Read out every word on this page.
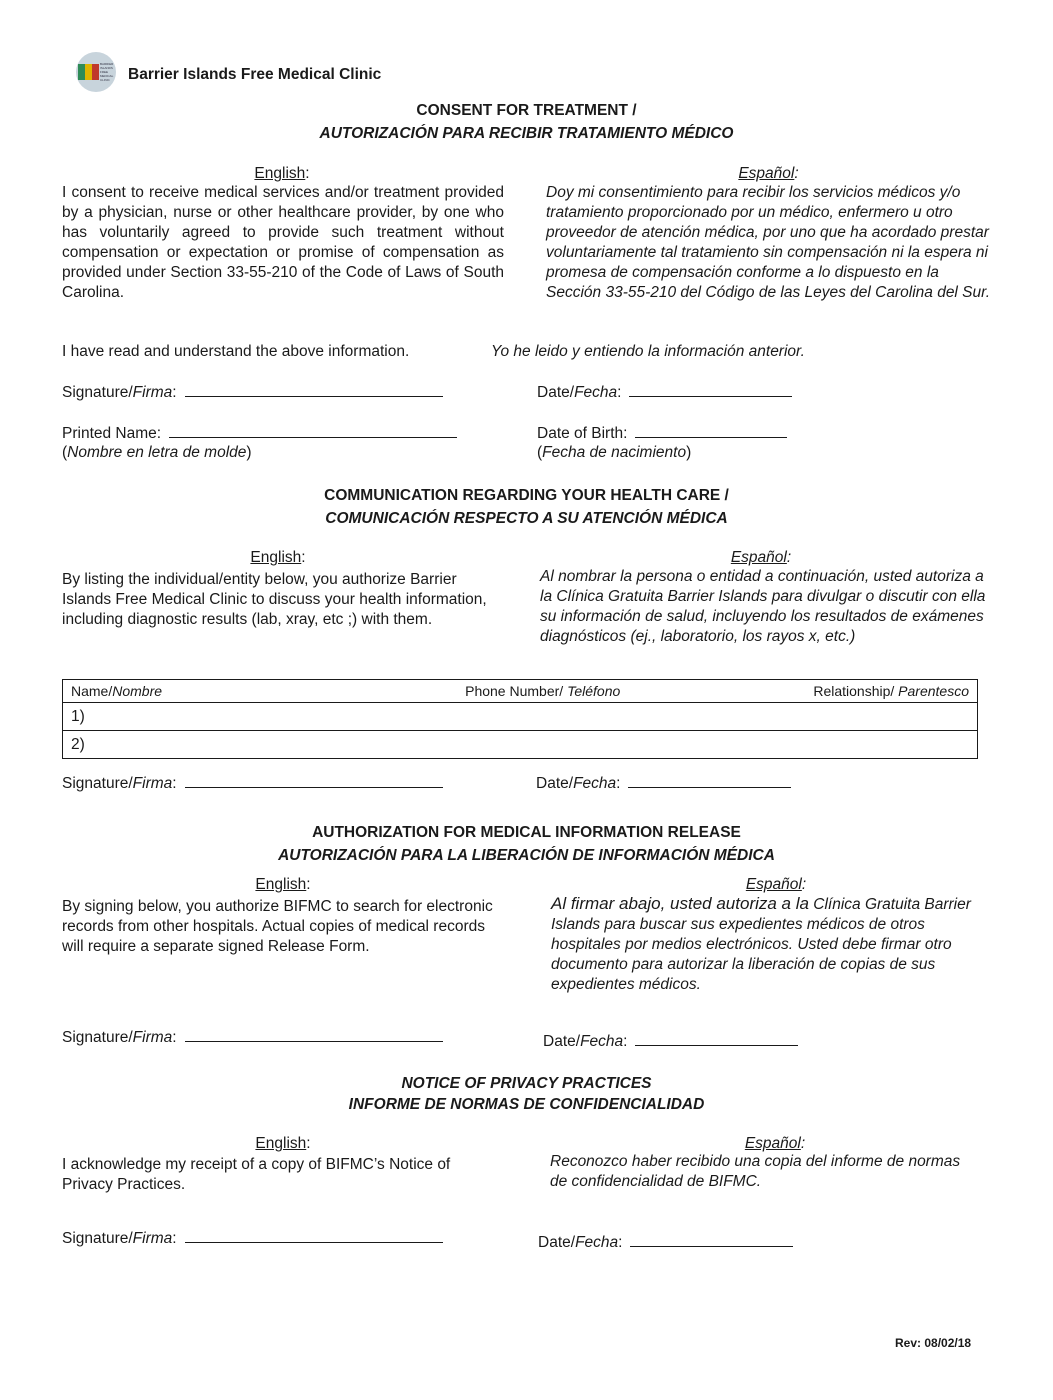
BARRIER ISLANDS FREE MEDICAL CLINIC Barrier Islands Free Medical Clinic
CONSENT FOR TREATMENT /
AUTORIZACIÓN PARA RECIBIR TRATAMIENTO MÉDICO
English:	Español:
I consent to receive medical services and/or treatment provided by a physician, nurse or other healthcare provider, by one who has voluntarily agreed to provide such treatment without compensation or expectation or promise of compensation as provided under Section 33-55-210 of the Code of Laws of South Carolina.
Doy mi consentimiento para recibir los servicios médicos y/o tratamiento proporcionado por un médico, enfermero u otro proveedor de atención médica, por uno que ha acordado prestar voluntariamente tal tratamiento sin compensación ni la espera ni promesa de compensación conforme a lo dispuesto en la Sección 33-55-210 del Código de las Leyes del Carolina del Sur.
I have read and understand the above information.	Yo he leido y entiendo la información anterior.
Signature/Firma:	Date/Fecha:
Printed Name:
(Nombre en letra de molde)
Date of Birth:
(Fecha de nacimiento)
COMMUNICATION REGARDING YOUR HEALTH CARE /
COMUNICACIÓN RESPECTO A SU ATENCIÓN MÉDICA
English:	Español:
By listing the individual/entity below, you authorize Barrier Islands Free Medical Clinic to discuss your health information, including diagnostic results (lab, xray, etc ;) with them.
Al nombrar la persona o entidad a continuación, usted autoriza a la Clínica Gratuita Barrier Islands para divulgar o discutir con ella su información de salud, incluyendo los resultados de exámenes diagnósticos (ej., laboratorio, los rayos x, etc.)
Name/Nombre	Phone Number/ Teléfono	Relationship/ Parentesco

1)
2)
Signature/Firma:	Date/Fecha:
AUTHORIZATION FOR MEDICAL INFORMATION RELEASE
AUTORIZACIÓN PARA LA LIBERACIÓN DE INFORMACIÓN MÉDICA
English:	Español:
By signing below, you authorize BIFMC to search for electronic records from other hospitals. Actual copies of medical records will require a separate signed Release Form.
Al firmar abajo, usted autoriza a la Clínica Gratuita Barrier Islands para buscar sus expedientes médicos de otros hospitales por medios electrónicos. Usted debe firmar otro documento para autorizar la liberación de copias de sus expedientes médicos.
Signature/Firma:	Date/Fecha:
NOTICE OF PRIVACY PRACTICES
INFORME DE NORMAS DE CONFIDENCIALIDAD
English:	Español:
I acknowledge my receipt of a copy of BIFMC’s Notice of Privacy Practices.
Reconozco haber recibido una copia del informe de normas de confidencialidad de BIFMC.
Signature/Firma:	Date/Fecha:
Rev: 08/02/18
